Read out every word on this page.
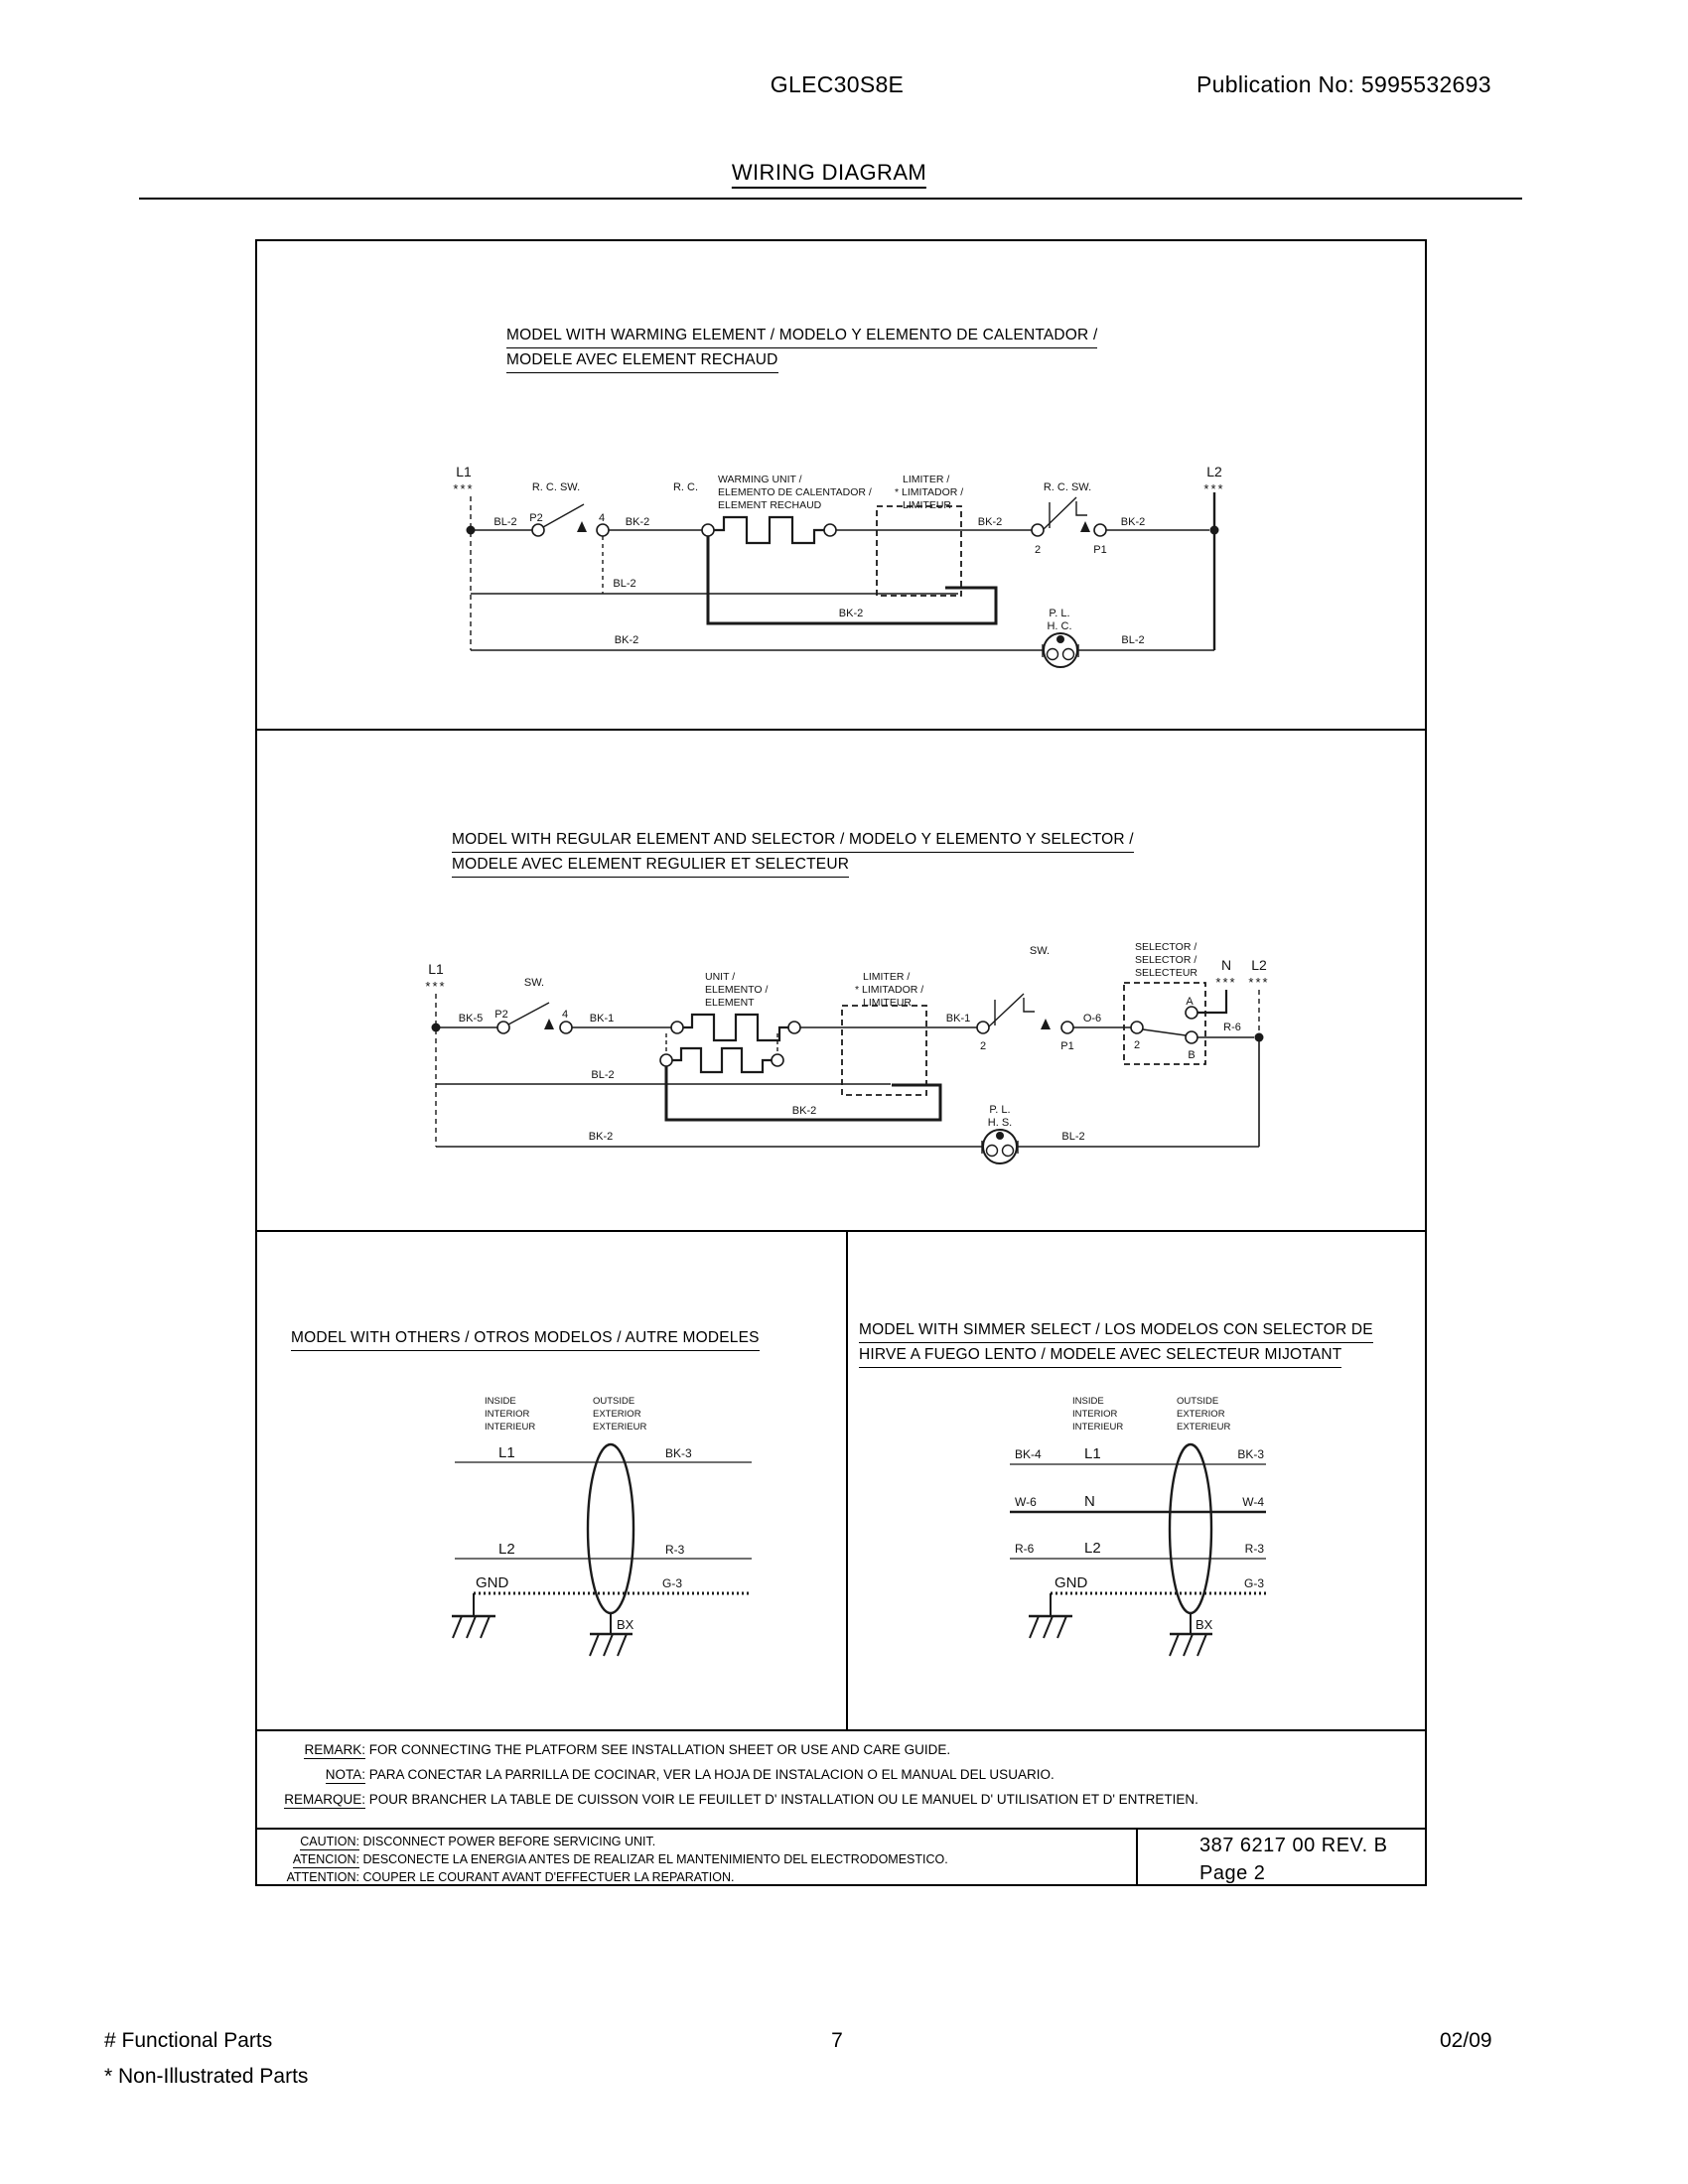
GLEC30S8E	Publication No: 5995532693
WIRING DIAGRAM
MODEL WITH WARMING ELEMENT / MODELO Y ELEMENTO DE CALENTADOR /
MODELE AVEC ELEMENT RECHAUD
L1
***	R. C. SW.
BL-2 P2	4 BK-2
R. C.
BK-2
2
R. C. SW.
P1
BK-2
L2
***
BL-2
BK-2
BK-2
P. L.
H. C.
BL-2
WARMING UNIT /
ELEMENTO DE CALENTADOR /
ELEMENT RECHAUD
LIMITER /
* LIMITADOR /
LIMITEUR
MODEL WITH REGULAR ELEMENT AND SELECTOR / MODELO Y ELEMENTO Y SELECTOR /
MODELE AVEC ELEMENT REGULIER ET SELECTEUR
L1
***	SW.
BK-5 P2	4 BK-1	BK-1
2
SW.
P1
O-6
2
A
B
N
***
L2
***
R-6
BL-2
BK-2
BK-2
P. L.
H. S.
BL-2
UNIT /
ELEMENTO /
ELEMENT
LIMITER /
* LIMITADOR /
LIMITEUR
SELECTOR /
SELECTOR /
SELECTEUR
MODEL WITH OTHERS / OTROS MODELOS / AUTRE MODELES
INSIDE
INTERIOR
INTERIEUR
OUTSIDE
EXTERIOR
EXTERIEUR
L1	BK-3
L2	R-3
GND	G-3
BX
MODEL WITH SIMMER SELECT / LOS MODELOS CON SELECTOR DE
HIRVE A FUEGO LENTO / MODELE AVEC SELECTEUR MIJOTANT
INSIDE
INTERIOR
INTERIEUR
OUTSIDE
EXTERIOR
EXTERIEUR
BK-4	L1	BK-3
W-6	N	W-4
R-6	L2	R-3
GND	G-3
BX
REMARK: FOR CONNECTING THE PLATFORM SEE INSTALLATION SHEET OR USE AND CARE GUIDE.
NOTA: PARA CONECTAR LA PARRILLA DE COCINAR, VER LA HOJA DE INSTALACION O EL MANUAL DEL USUARIO.
REMARQUE: POUR BRANCHER LA TABLE DE CUISSON VOIR LE FEUILLET D' INSTALLATION OU LE MANUEL D' UTILISATION ET D' ENTRETIEN.
CAUTION: DISCONNECT POWER BEFORE SERVICING UNIT.
ATENCION: DESCONECTE LA ENERGIA ANTES DE REALIZAR EL MANTENIMIENTO DEL ELECTRODOMESTICO.
ATTENTION: COUPER LE COURANT AVANT D'EFFECTUER LA REPARATION.
387 6217 00 REV. B
Page 2
# Functional Parts
* Non-Illustrated Parts
7	02/09
